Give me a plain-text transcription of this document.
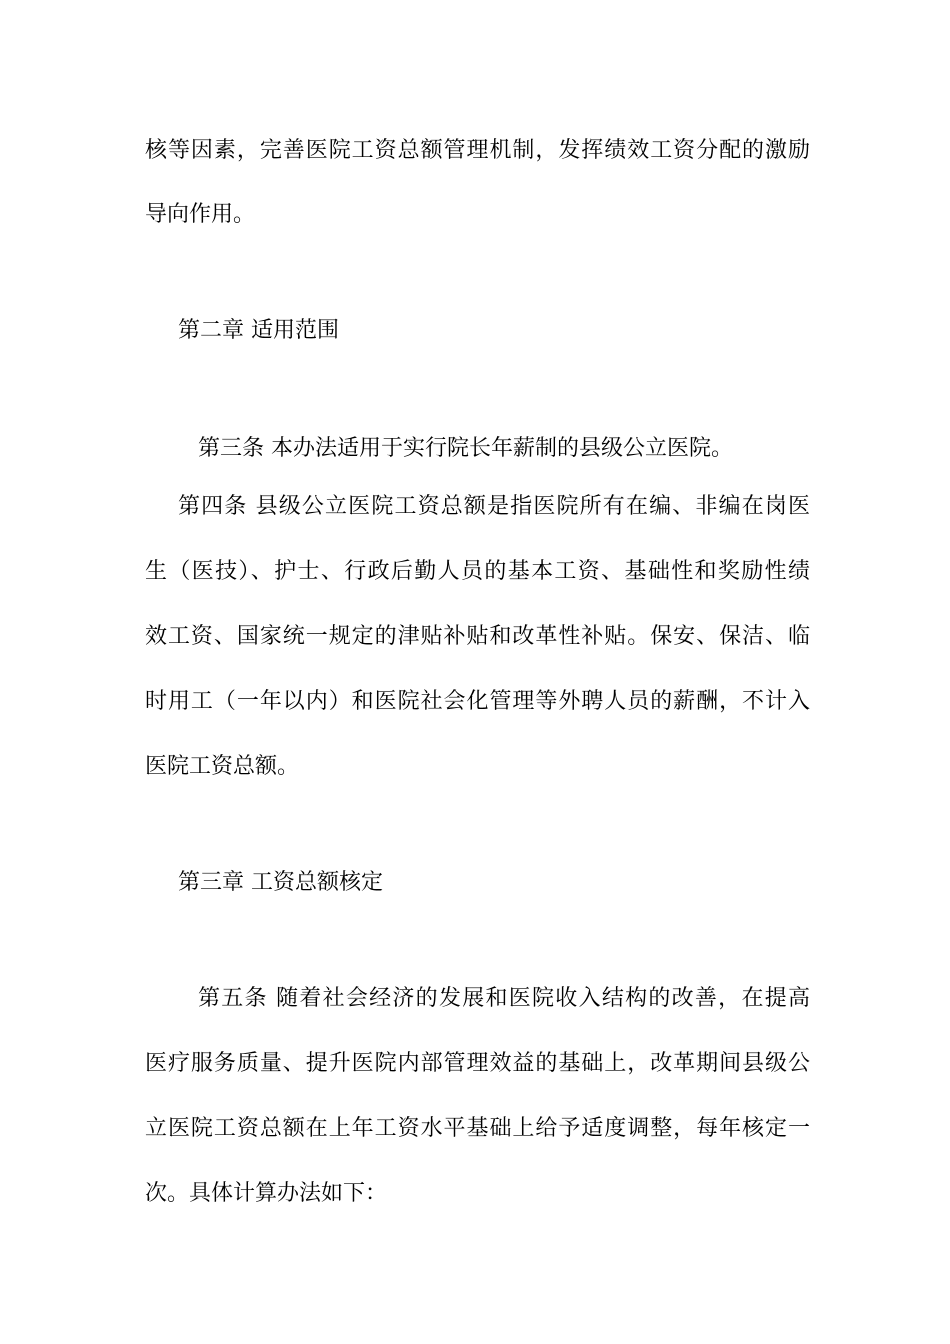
核等因素，完善医院工资总额管理机制，发挥绩效工资分配的激励
导向作用。
第二章 适用范围
第三条 本办法适用于实行院长年薪制的县级公立医院。
第四条 县级公立医院工资总额是指医院所有在编、非编在岗医
生（医技）、护士、行政后勤人员的基本工资、基础性和奖励性绩
效工资、国家统一规定的津贴补贴和改革性补贴。保安、保洁、临
时用工（一年以内）和医院社会化管理等外聘人员的薪酬，不计入
医院工资总额。
第三章 工资总额核定
第五条 随着社会经济的发展和医院收入结构的改善，在提高
医疗服务质量、提升医院内部管理效益的基础上，改革期间县级公
立医院工资总额在上年工资水平基础上给予适度调整，每年核定一
次。具体计算办法如下：
